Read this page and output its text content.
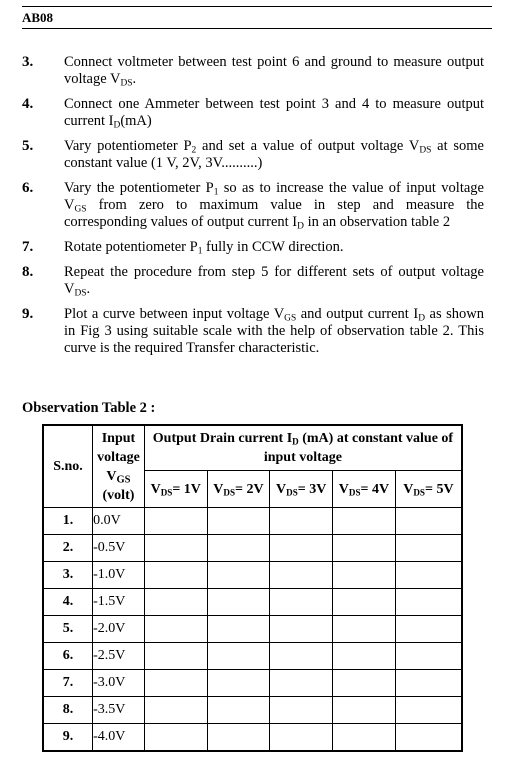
AB08
3.	Connect voltmeter between test point 6 and ground to measure output voltage $V_{DS}$.
4.	Connect one Ammeter between test point 3 and 4 to measure output current $I_D(mA)$
5.	Vary potentiometer $P_2$ and set a value of output voltage $V_{DS}$ at some constant value (1 V, 2V, 3V..........)
6.	Vary the potentiometer $P_1$ so as to increase the value of input voltage $V_{GS}$ from zero to maximum value in step and measure the corresponding values of output current $I_D$ in an observation table 2
7.	Rotate potentiometer $P_1$ fully in CCW direction.
8.	Repeat the procedure from step 5 for different sets of output voltage $V_{DS}$.
9.	Plot a curve between input voltage $V_{GS}$ and output current $I_D$ as shown in Fig 3 using suitable scale with the help of observation table 2. This curve is the required Transfer characteristic.
Observation Table 2 :
S.no.	Input voltage
$V_{GS}$
(volt)	Output Drain current $I_D$ (mA) at constant value of input voltage				
		$V_{DS}= 1V$	$V_{DS}= 2V$	$V_{DS}= 3V$	$V_{DS}= 4V$	$V_{DS}= 5V$
1.	0.0V					
2.	-0.5V					
3.	-1.0V					
4.	-1.5V					
5.	-2.0V					
6.	-2.5V					
7.	-3.0V					
8.	-3.5V					
9.	-4.0V					
